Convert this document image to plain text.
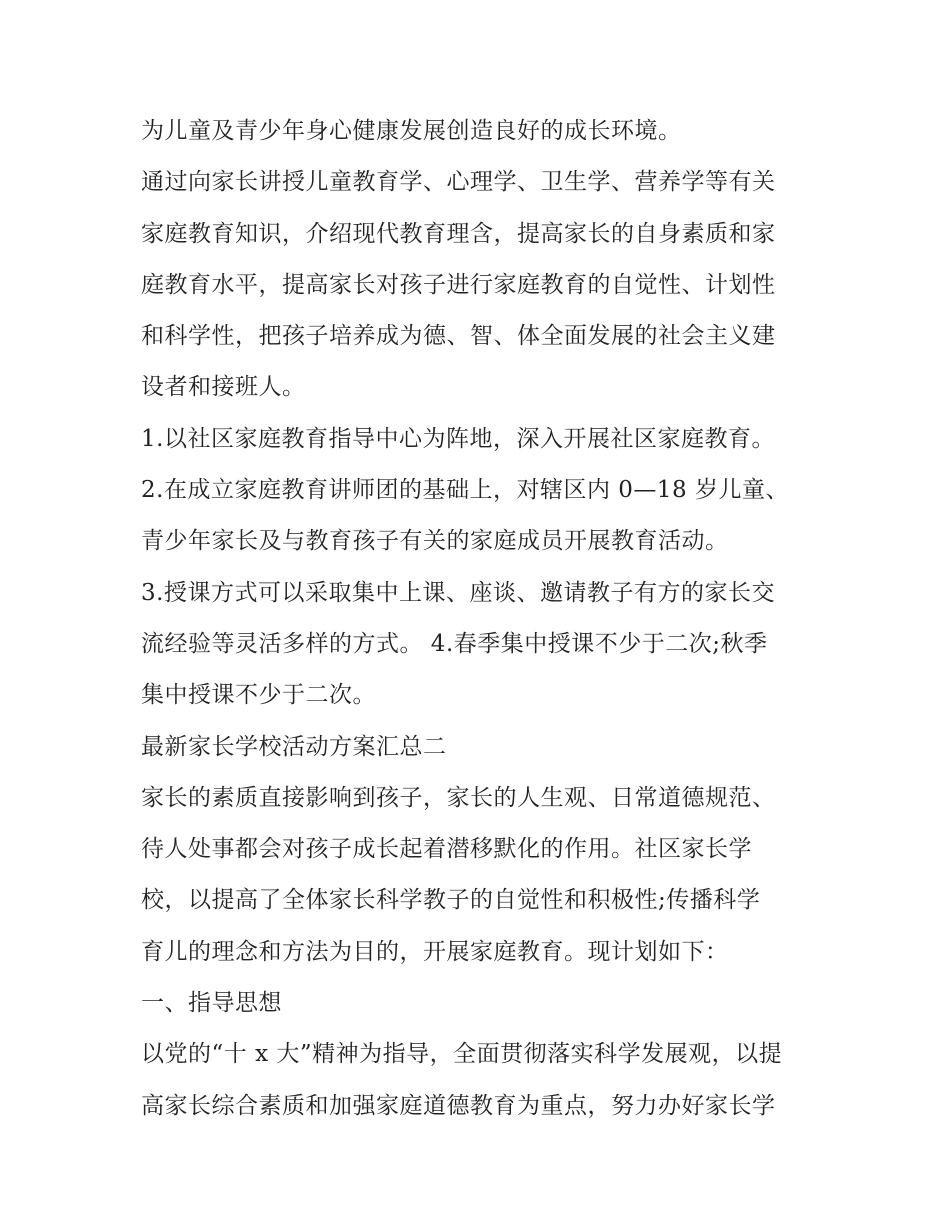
为儿童及青少年身心健康发展创造良好的成长环境。
通过向家长讲授儿童教育学、心理学、卫生学、营养学等有关
家庭教育知识，介绍现代教育理含，提高家长的自身素质和家
庭教育水平，提高家长对孩子进行家庭教育的自觉性、计划性
和科学性，把孩子培养成为德、智、体全面发展的社会主义建
设者和接班人。
1.以社区家庭教育指导中心为阵地，深入开展社区家庭教育。
2.在成立家庭教育讲师团的基础上，对辖区内 0—18 岁儿童、
青少年家长及与教育孩子有关的家庭成员开展教育活动。
3.授课方式可以采取集中上课、座谈、邀请教子有方的家长交
流经验等灵活多样的方式。 4.春季集中授课不少于二次;秋季
集中授课不少于二次。
最新家长学校活动方案汇总二
家长的素质直接影响到孩子，家长的人生观、日常道德规范、
待人处事都会对孩子成长起着潜移默化的作用。社区家长学
校，以提高了全体家长科学教子的自觉性和积极性;传播科学
育儿的理念和方法为目的，开展家庭教育。现计划如下：
一、指导思想
以党的“十 x 大”精神为指导，全面贯彻落实科学发展观，以提
高家长综合素质和加强家庭道德教育为重点，努力办好家长学
